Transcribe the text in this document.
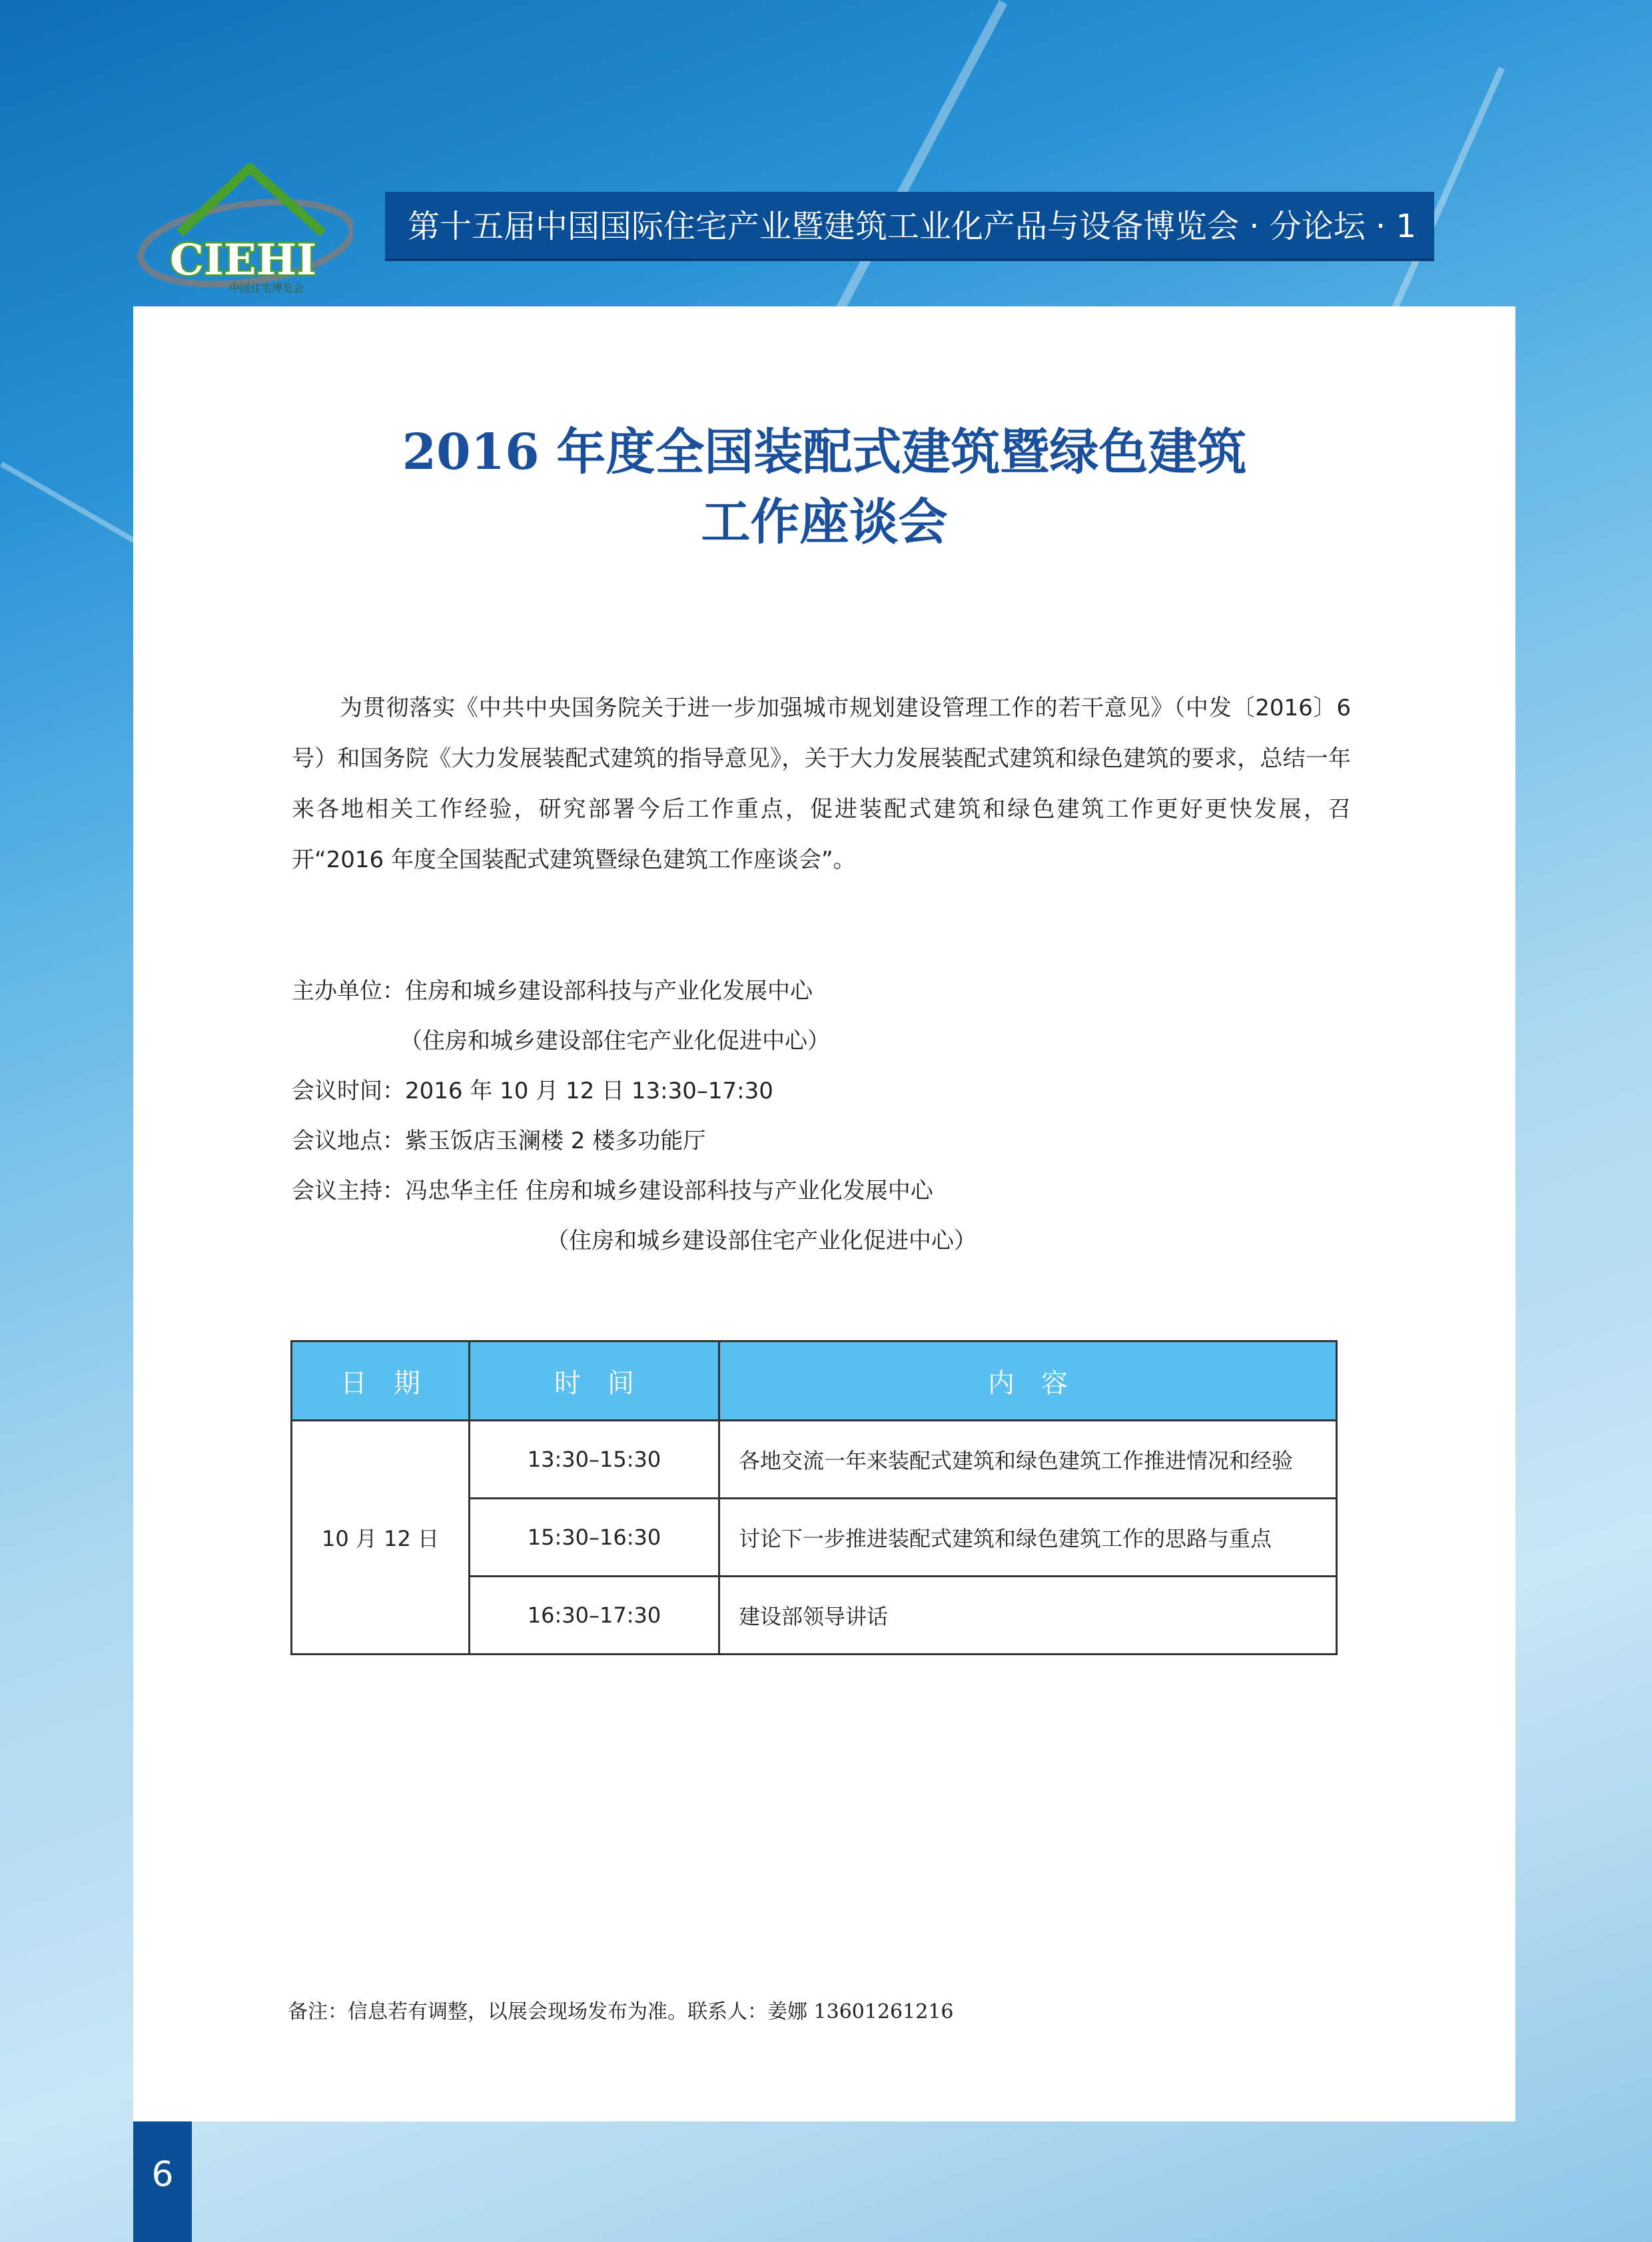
CIEHI
中国住宅博览会
第十五届中国国际住宅产业暨建筑工业化产品与设备博览会 · 分论坛 · 1
2016 年度全国装配式建筑暨绿色建筑
工作座谈会

为贯彻落实《中共中央国务院关于进一步加强城市规划建设管理工作的若干意见》（中发〔2016〕6 号）和国务院《大力发展装配式建筑的指导意见》，关于大力发展装配式建筑和绿色建筑的要求，总结一年来各地相关工作经验，研究部署今后工作重点，促进装配式建筑和绿色建筑工作更好更快发展，召开“2016 年度全国装配式建筑暨绿色建筑工作座谈会”。

主办单位：住房和城乡建设部科技与产业化发展中心
（住房和城乡建设部住宅产业化促进中心）
会议时间：2016 年 10 月 12 日 13:30–17:30
会议地点：紫玉饭店玉澜楼 2 楼多功能厅
会议主持：冯忠华主任 住房和城乡建设部科技与产业化发展中心
（住房和城乡建设部住宅产业化促进中心）
日　期	时　间	内　容
10 月 12 日	13:30–15:30	各地交流一年来装配式建筑和绿色建筑工作推进情况和经验
	15:30–16:30	讨论下一步推进装配式建筑和绿色建筑工作的思路与重点
	16:30–17:30	建设部领导讲话
备注：信息若有调整，以展会现场发布为准。联系人：姜娜 13601261216
6
